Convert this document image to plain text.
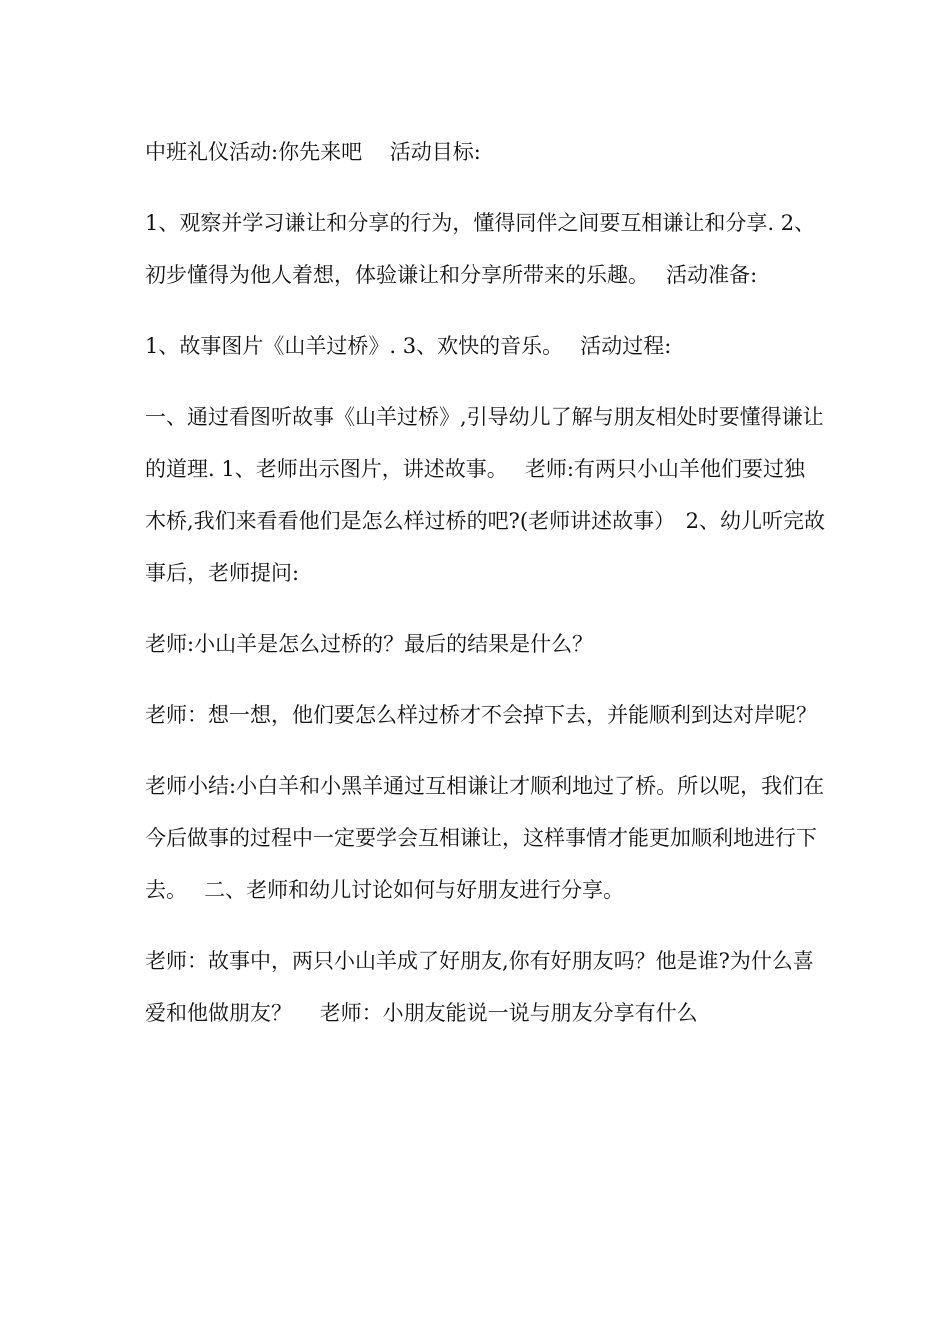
中班礼仪活动:你先来吧　 活动目标:

1、观察并学习谦让和分享的行为，懂得同伴之间要互相谦让和分享. 2、初步懂得为他人着想，体验谦让和分享所带来的乐趣。　 活动准备:

1、故事图片《山羊过桥》. 3、欢快的音乐。　 活动过程:

一、通过看图听故事《山羊过桥》,引导幼儿了解与朋友相处时要懂得谦让的道理. 1、老师出示图片，讲述故事。　 老师:有两只小山羊他们要过独木桥,我们来看看他们是怎么样过桥的吧?(老师讲述故事）　2、幼儿听完故事后，老师提问:

老师:小山羊是怎么过桥的？最后的结果是什么？

老师：想一想，他们要怎么样过桥才不会掉下去，并能顺利到达对岸呢？

老师小结:小白羊和小黑羊通过互相谦让才顺利地过了桥。所以呢，我们在今后做事的过程中一定要学会互相谦让，这样事情才能更加顺利地进行下去。　 二、老师和幼儿讨论如何与好朋友进行分享。

老师：故事中，两只小山羊成了好朋友,你有好朋友吗？他是谁?为什么喜爱和他做朋友？　 老师：小朋友能说一说与朋友分享有什么
